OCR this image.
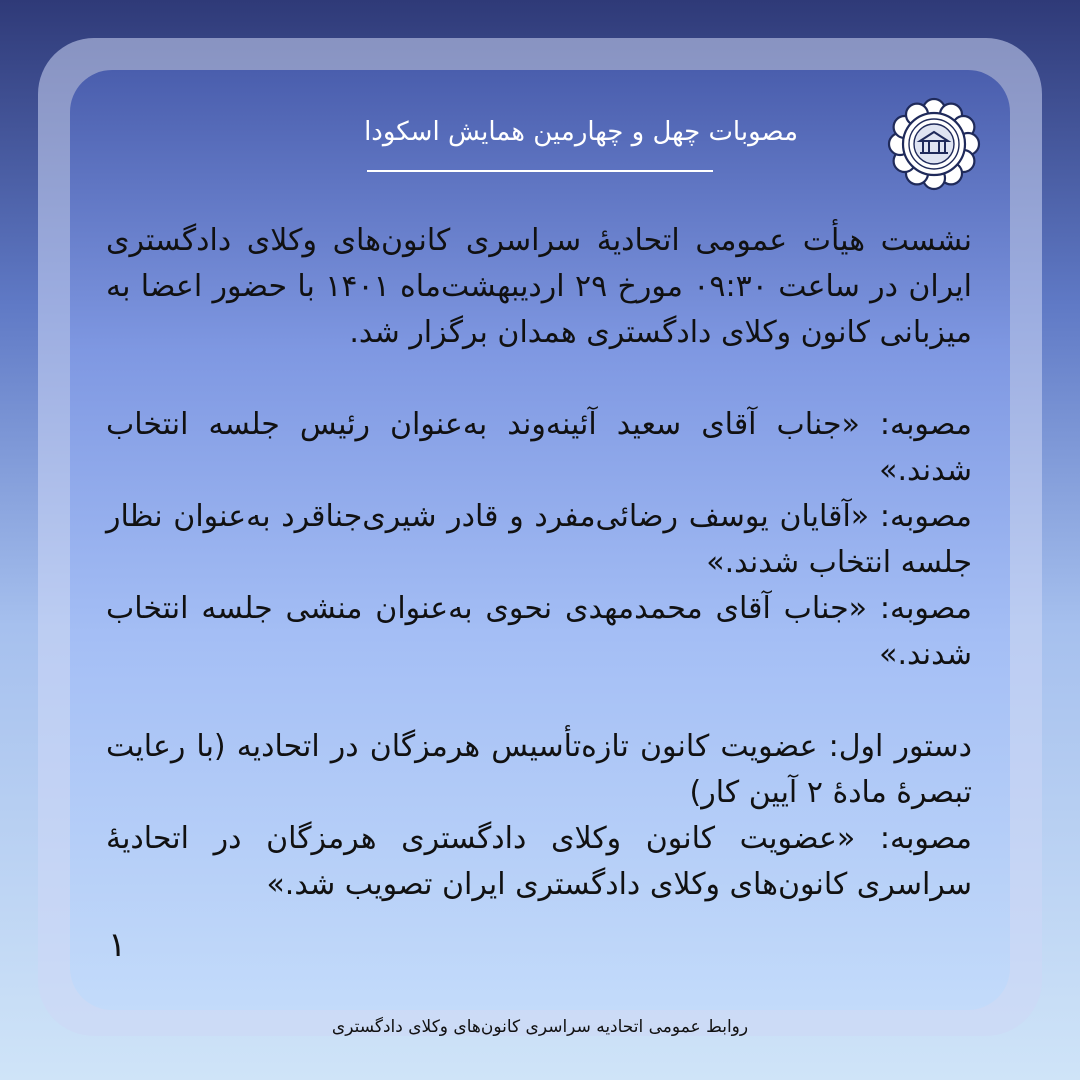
مصوبات چهل و چهارمین همایش اسکودا

نشست هیأت عمومی اتحادیۀ سراسری کانون‌های وکلای دادگستری ایران در ساعت ۰۹:۳۰ مورخ ۲۹ اردیبهشت‌ماه ۱۴۰۱ با حضور اعضا به میزبانی کانون وکلای دادگستری همدان برگزار شد.

مصوبه: «جناب آقای سعید آئینه‌وند به‌عنوان رئیس جلسه انتخاب شدند.»

مصوبه: «آقایان یوسف رضائی‌مفرد و قادر شیری‌جناقرد به‌عنوان نظار جلسه انتخاب شدند.»

مصوبه: «جناب آقای محمدمهدی نحوی به‌عنوان منشی جلسه انتخاب شدند.»

دستور اول: عضویت کانون تازه‌تأسیس هرمزگان در اتحادیه (با رعایت تبصرۀ مادۀ ۲ آیین کار)

مصوبه: «عضویت کانون وکلای دادگستری هرمزگان در اتحادیۀ سراسری کانون‌های وکلای دادگستری ایران تصویب شد.»

۱
روابط عمومی اتحادیه سراسری کانون‌های وکلای دادگستری
